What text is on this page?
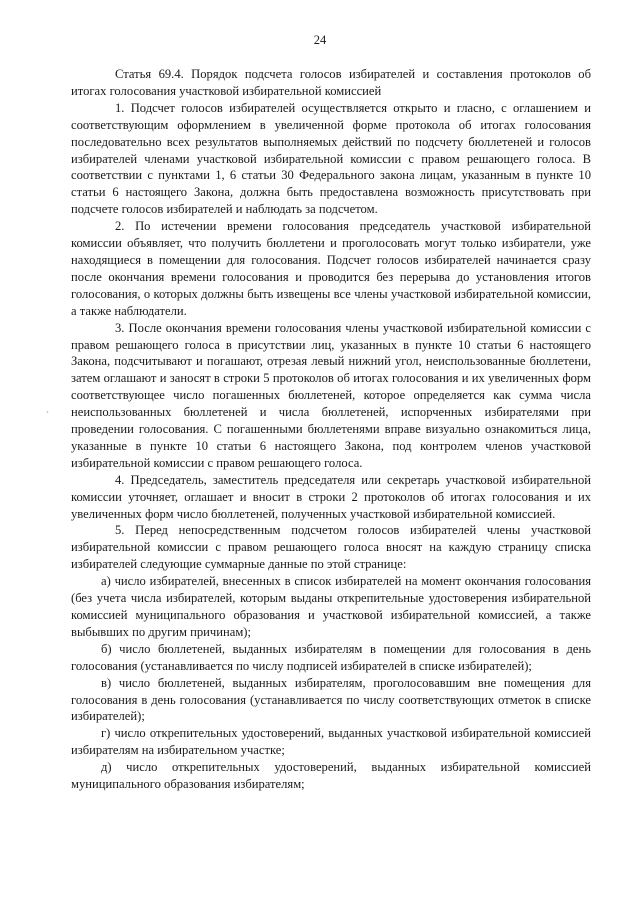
24
`

Статья 69.4. Порядок подсчета голосов избирателей и составления протоколов об итогах голосования участковой избирательной комиссией

1. Подсчет голосов избирателей осуществляется открыто и гласно, с оглашением и соответствующим оформлением в увеличенной форме протокола об итогах голосования последовательно всех результатов выполняемых действий по подсчету бюллетеней и голосов избирателей членами участковой избирательной комиссии с правом решающего голоса. В соответствии с пунктами 1, 6 статьи 30 Федерального закона лицам, указанным в пункте 10 статьи 6 настоящего Закона, должна быть предоставлена возможность присутствовать при подсчете голосов избирателей и наблюдать за подсчетом.

2. По истечении времени голосования председатель участковой избирательной комиссии объявляет, что получить бюллетени и проголосовать могут только избиратели, уже находящиеся в помещении для голосования. Подсчет голосов избирателей начинается сразу после окончания времени голосования и проводится без перерыва до установления итогов голосования, о которых должны быть извещены все члены участковой избирательной комиссии, а также наблюдатели.

3. После окончания времени голосования члены участковой избирательной комиссии с правом решающего голоса в присутствии лиц, указанных в пункте 10 статьи 6 настоящего Закона, подсчитывают и погашают, отрезая левый нижний угол, неиспользованные бюллетени, затем оглашают и заносят в строки 5 протоколов об итогах голосования и их увеличенных форм соответствующее число погашенных бюллетеней, которое определяется как сумма числа неиспользованных бюллетеней и числа бюллетеней, испорченных избирателями при проведении голосования. С погашенными бюллетенями вправе визуально ознакомиться лица, указанные в пункте 10 статьи 6 настоящего Закона, под контролем членов участковой избирательной комиссии с правом решающего голоса.

4. Председатель, заместитель председателя или секретарь участковой избирательной комиссии уточняет, оглашает и вносит в строки 2 протоколов об итогах голосования и их увеличенных форм число бюллетеней, полученных участковой избирательной комиссией.

5. Перед непосредственным подсчетом голосов избирателей члены участковой избирательной комиссии с правом решающего голоса вносят на каждую страницу списка избирателей следующие суммарные данные по этой странице:

а) число избирателей, внесенных в список избирателей на момент окончания голосования (без учета числа избирателей, которым выданы открепительные удостоверения избирательной комиссией муниципального образования и участковой избирательной комиссией, а также выбывших по другим причинам);

б) число бюллетеней, выданных избирателям в помещении для голосования в день голосования (устанавливается по числу подписей избирателей в списке избирателей);

в) число бюллетеней, выданных избирателям, проголосовавшим вне помещения для голосования в день голосования (устанавливается по числу соответствующих отметок в списке избирателей);

г) число открепительных удостоверений, выданных участковой избирательной комиссией избирателям на избирательном участке;

д) число открепительных удостоверений, выданных избирательной комиссией муниципального образования избирателям;
